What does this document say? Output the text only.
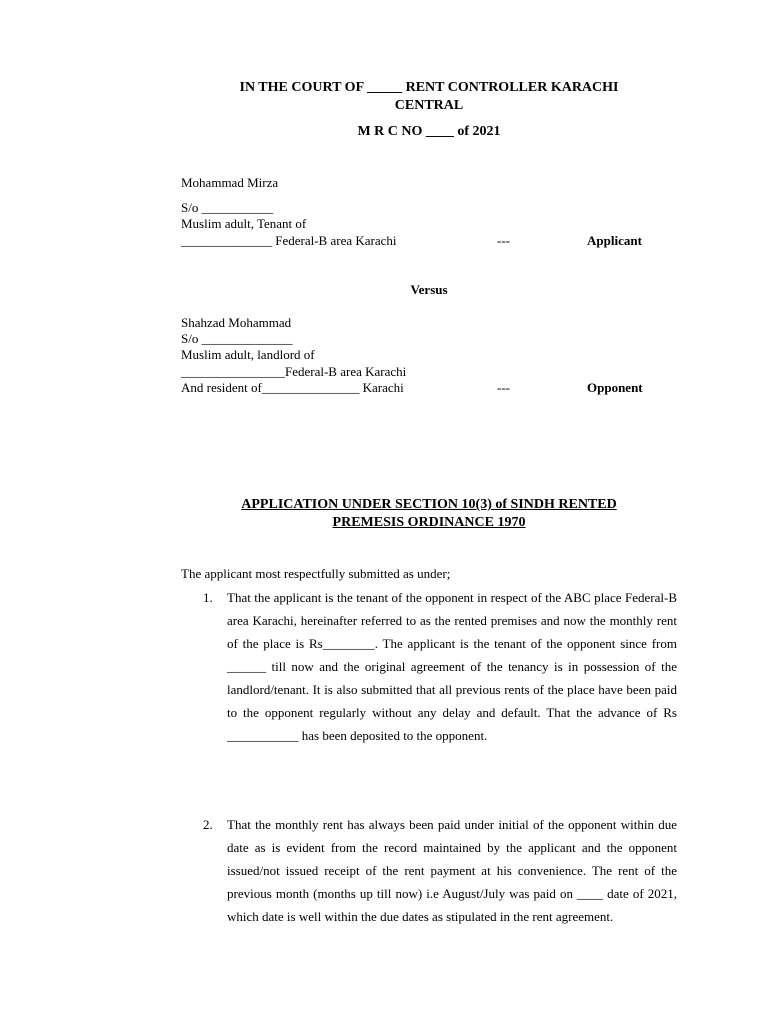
IN THE COURT OF _____ RENT CONTROLLER KARACHI
CENTRAL
M R C NO ____ of 2021
Mohammad Mirza
S/o ___________
Muslim adult, Tenant of
______________ Federal-B area Karachi	---	Applicant
Versus
Shahzad Mohammad
S/o ______________
Muslim adult, landlord of
________________Federal-B area Karachi
And resident of_______________ Karachi	---	Opponent
APPLICATION UNDER SECTION 10(3) of SINDH RENTED
PREMESIS ORDINANCE 1970
The applicant most respectfully submitted as under;
1. That the applicant is the tenant of the opponent in respect of the ABC place Federal-B area Karachi, hereinafter referred to as the rented premises and now the monthly rent of the place is Rs________. The applicant is the tenant of the opponent since from ______ till now and the original agreement of the tenancy is in possession of the landlord/tenant. It is also submitted that all previous rents of the place have been paid to the opponent regularly without any delay and default. That the advance of Rs ___________ has been deposited to the opponent.
2. That the monthly rent has always been paid under initial of the opponent within due date as is evident from the record maintained by the applicant and the opponent issued/not issued receipt of the rent payment at his convenience. The rent of the previous month (months up till now) i.e August/July was paid on ____ date of 2021, which date is well within the due dates as stipulated in the rent agreement.
